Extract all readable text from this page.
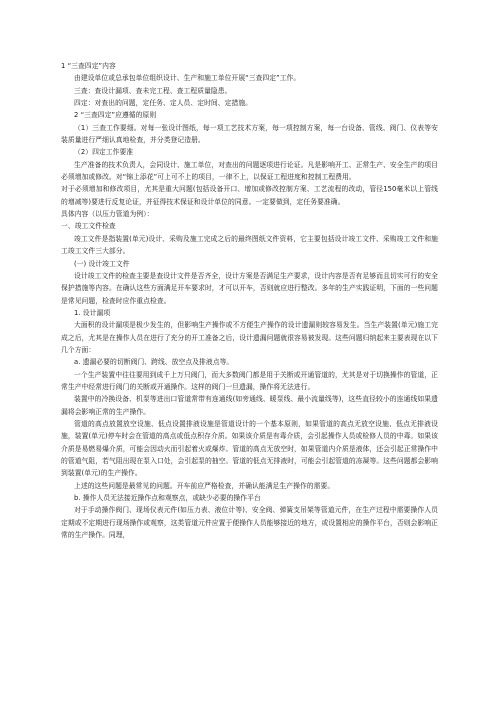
1 “三查四定”内容

由建设单位或总承包单位组织设计、生产和施工单位开展“三查四定”工作。

三查：查设计漏项、查未完工程、查工程质量隐患。

四定：对查出的问题，定任务、定人员、定时间、定措施。

2 “三查四定”应遵循的原则

（1）三查工作要细。对每一张设计图纸，每一项工艺技术方案，每一项控制方案，每一台设备、管线、阀门、仪表等安装质量进行严细认真地检查，并分类登记造册。

（2）四定工作要准

生产准备的技术负责人，会同设计、施工单位，对查出的问题逐项进行论证。凡是影响开工、正常生产、安全生产的项目必须增加或修改。对“锦上添花”可上可不上的项目，一律不上，以保证工程进度和控制工程费用。

对于必须增加和修改项目，尤其是重大问题(包括设备开口、增加或修改控制方案、工艺流程的改动，管径150毫米以上管线的增减等)要进行反复论证，并征得技术保证和设计单位的同意。一定要做到，定任务要准确。

具体内容（以压力管道为例）：

一、竣工文件检查

竣工文件是指装置(单元)设计、采购及施工完成之后的最终图纸文件资料，它主要包括设计竣工文件、采购竣工文件和施工竣工文件三大部分。

(一) 设计竣工文件

设计竣工文件的检查主要是查设计文件是否齐全，设计方案是否满足生产要求，设计内容是否有足够而且切实可行的安全保护措施等内容。在确认这些方面满足开车要求时，才可以开车，否则就应进行整改。多年的生产实践证明，下面的一些问题是常见问题，检查时应作重点检查。

1. 设计漏项

大面积的设计漏项是极少发生的，但影响生产操作或不方便生产操作的设计遗漏则较容易发生。当生产装置(单元)施工完成之后，尤其是在操作人员在进行了充分的开工准备之后，设计遗漏问题就很容易被发现。这些问题归纳起来主要表现在以下几个方面：

a. 遗漏必要的切断阀门、跨线、放空点及排液点等。

一个生产装置中往往要用到成千上万只阀门，而大多数阀门都是用于关断或开通管道的，尤其是对于切换操作的管道，正常生产中经常进行阀门的关断或开通操作。这样的阀门一旦遗漏，操作将无法进行。

装置中的冷换设备、机泵等进出口管道常带有连通线(如旁通线、暖泵线、最小流量线等)，这些直径较小的连通线如果遗漏将会影响正常的生产操作。

管道的高点放置放空设施、低点设置排液设施是管道设计的一个基本原则，如果管道的高点无放空设施、低点无排液设施，装置(单元)停车时会在管道的高点或低点积存介质。如果该介质是有毒介质，会引起操作人员或检修人员的中毒。如果该介质是易燃易爆介质，可能会因动火而引起着火或爆炸。管道的高点无放空时，如果管道内介质是液体，还会引起正常操作中的管道气阻，若气阻出现在泵入口处，会引起泵的抽空。管道的低点无排液时，可能会引起管道的冻凝等。这些问题都会影响到装置(单元)的生产操作。

上述的这些问题是最常见的问题。开车前应严格检查，并确认能满足生产操作的需要。

b. 操作人员无法接近操作点和观察点，或缺少必要的操作平台

对于手动操作阀门、现场仪表元件(如压力表、液位计等)、安全阀、弹簧支吊架等管道元件，在生产过程中需要操作人员定期或不定期进行现场操作或观察，这类管道元件应置于便操作人员能够接近的地方，或设置相应的操作平台，否则会影响正常的生产操作。同理，
